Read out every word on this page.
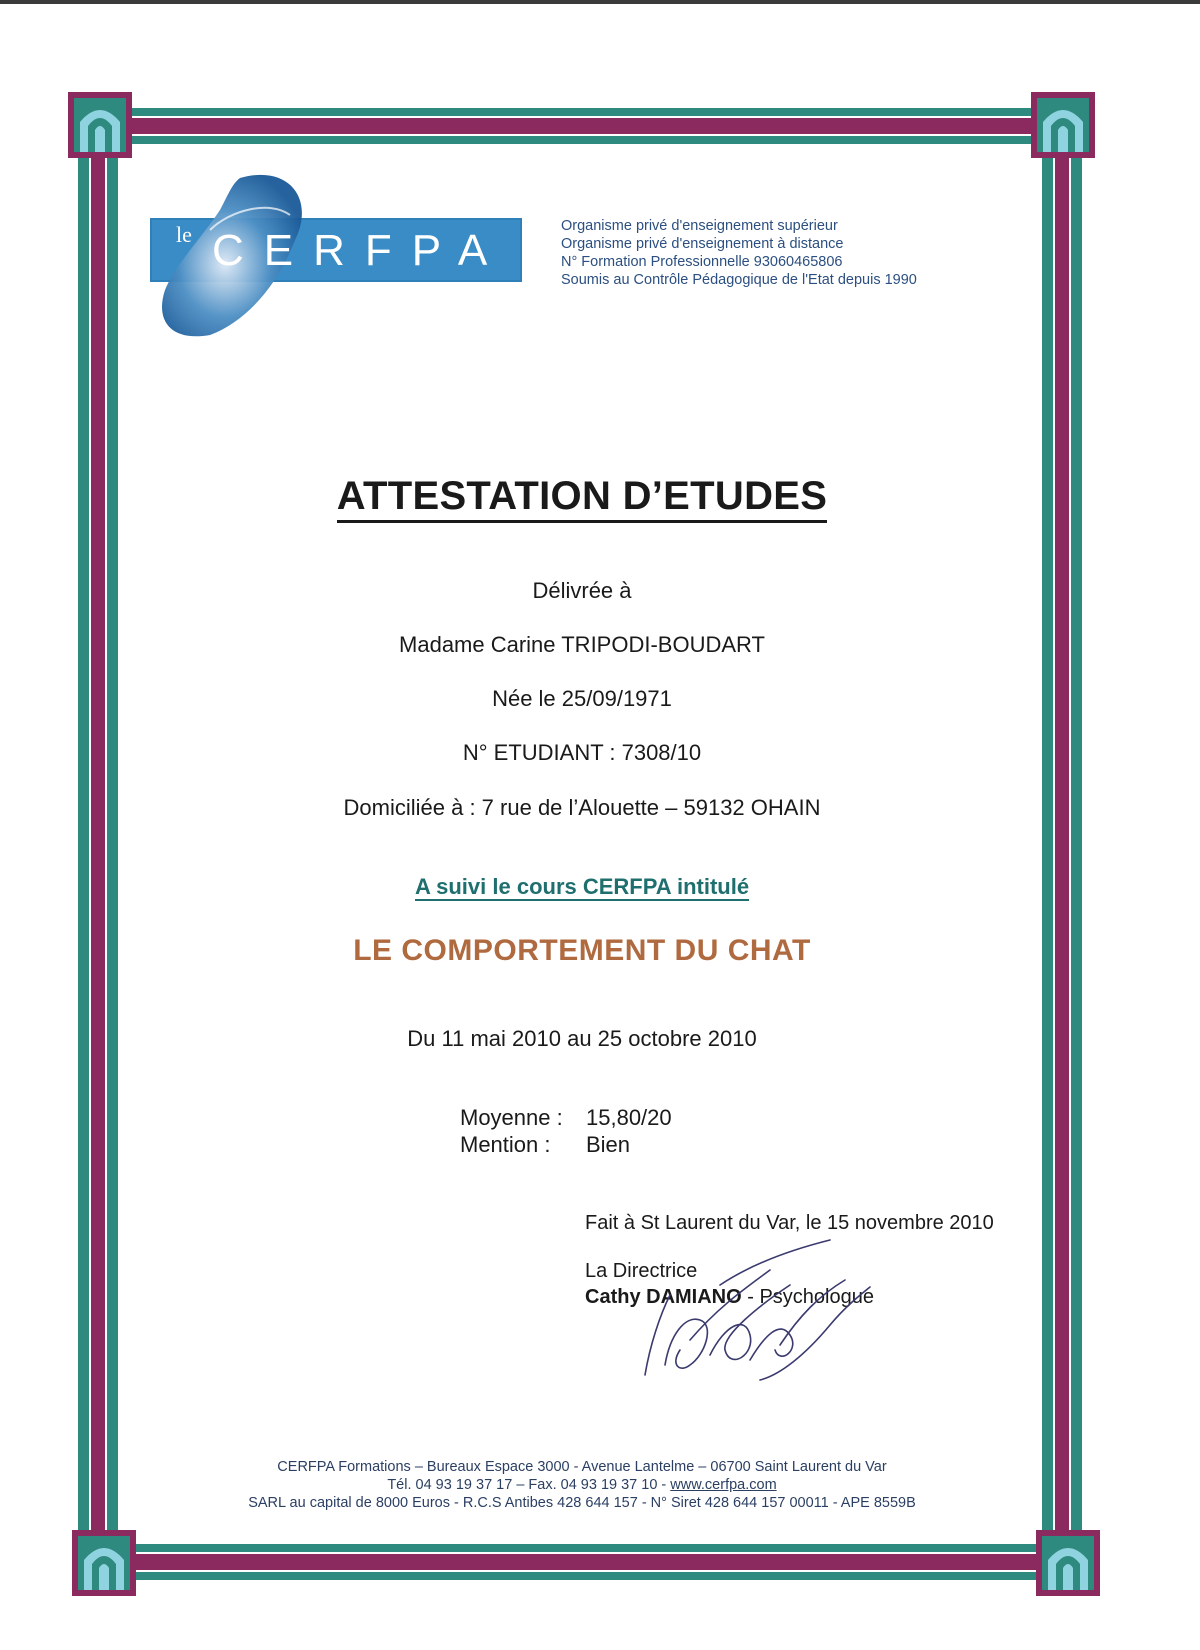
le CERFPA	Organisme privé d'enseignement supérieur
Organisme privé d'enseignement à distance
N° Formation Professionnelle 93060465806
Soumis au Contrôle Pédagogique de l'Etat depuis 1990
ATTESTATION D’ETUDES
Délivrée à
Madame Carine TRIPODI-BOUDART
Née le 25/09/1971
N° ETUDIANT : 7308/10
Domiciliée à : 7 rue de l’Alouette – 59132 OHAIN
A suivi le cours CERFPA intitulé
LE COMPORTEMENT DU CHAT
Du 11 mai 2010 au 25 octobre 2010
Moyenne :	15,80/20
Mention :	Bien
Fait à St Laurent du Var, le 15 novembre 2010
La Directrice
Cathy DAMIANO - Psychologue
CERFPA Formations – Bureaux Espace 3000 - Avenue Lantelme – 06700 Saint Laurent du Var
Tél. 04 93 19 37 17 – Fax. 04 93 19 37 10 - www.cerfpa.com
SARL au capital de 8000 Euros - R.C.S Antibes 428 644 157 - N° Siret 428 644 157 00011 - APE 8559B
